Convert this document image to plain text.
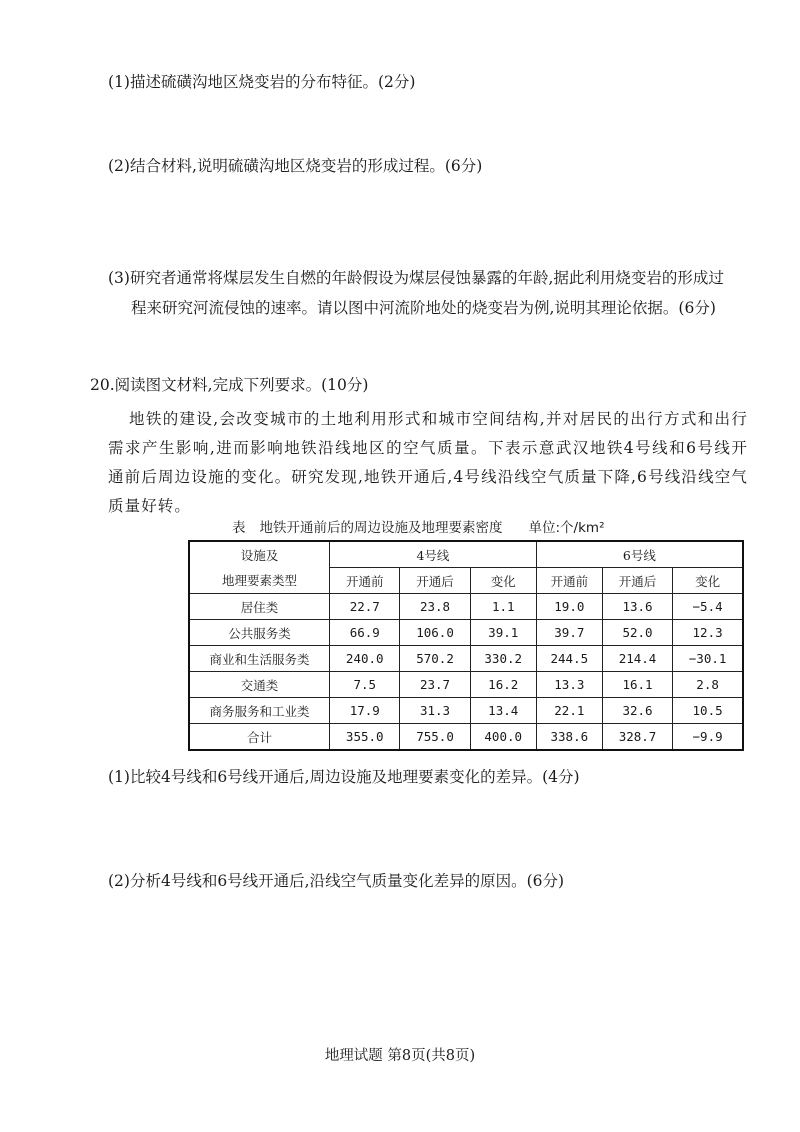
(1)描述硫磺沟地区烧变岩的分布特征。(2分)
(2)结合材料,说明硫磺沟地区烧变岩的形成过程。(6分)
(3)研究者通常将煤层发生自燃的年龄假设为煤层侵蚀暴露的年龄,据此利用烧变岩的形成过
程来研究河流侵蚀的速率。请以图中河流阶地处的烧变岩为例,说明其理论依据。(6分)
20.阅读图文材料,完成下列要求。(10分)

地铁的建设,会改变城市的土地利用形式和城市空间结构,并对居民的出行方式和出行需求产生影响,进而影响地铁沿线地区的空气质量。下表示意武汉地铁4号线和6号线开通前后周边设施的变化。研究发现,地铁开通后,4号线沿线空气质量下降,6号线沿线空气质量好转。

表 地铁开通前后的周边设施及地理要素密度 单位:个/km²
设施及	4号线			6号线		
地理要素类型	开通前	开通后	变化	开通前	开通后	变化
居住类	22.7	23.8	1.1	19.0	13.6	−5.4
公共服务类	66.9	106.0	39.1	39.7	52.0	12.3
商业和生活服务类	240.0	570.2	330.2	244.5	214.4	−30.1
交通类	7.5	23.7	16.2	13.3	16.1	2.8
商务服务和工业类	17.9	31.3	13.4	22.1	32.6	10.5
合计	355.0	755.0	400.0	338.6	328.7	−9.9
(1)比较4号线和6号线开通后,周边设施及地理要素变化的差异。(4分)
(2)分析4号线和6号线开通后,沿线空气质量变化差异的原因。(6分)
地理试题 第8页(共8页)
